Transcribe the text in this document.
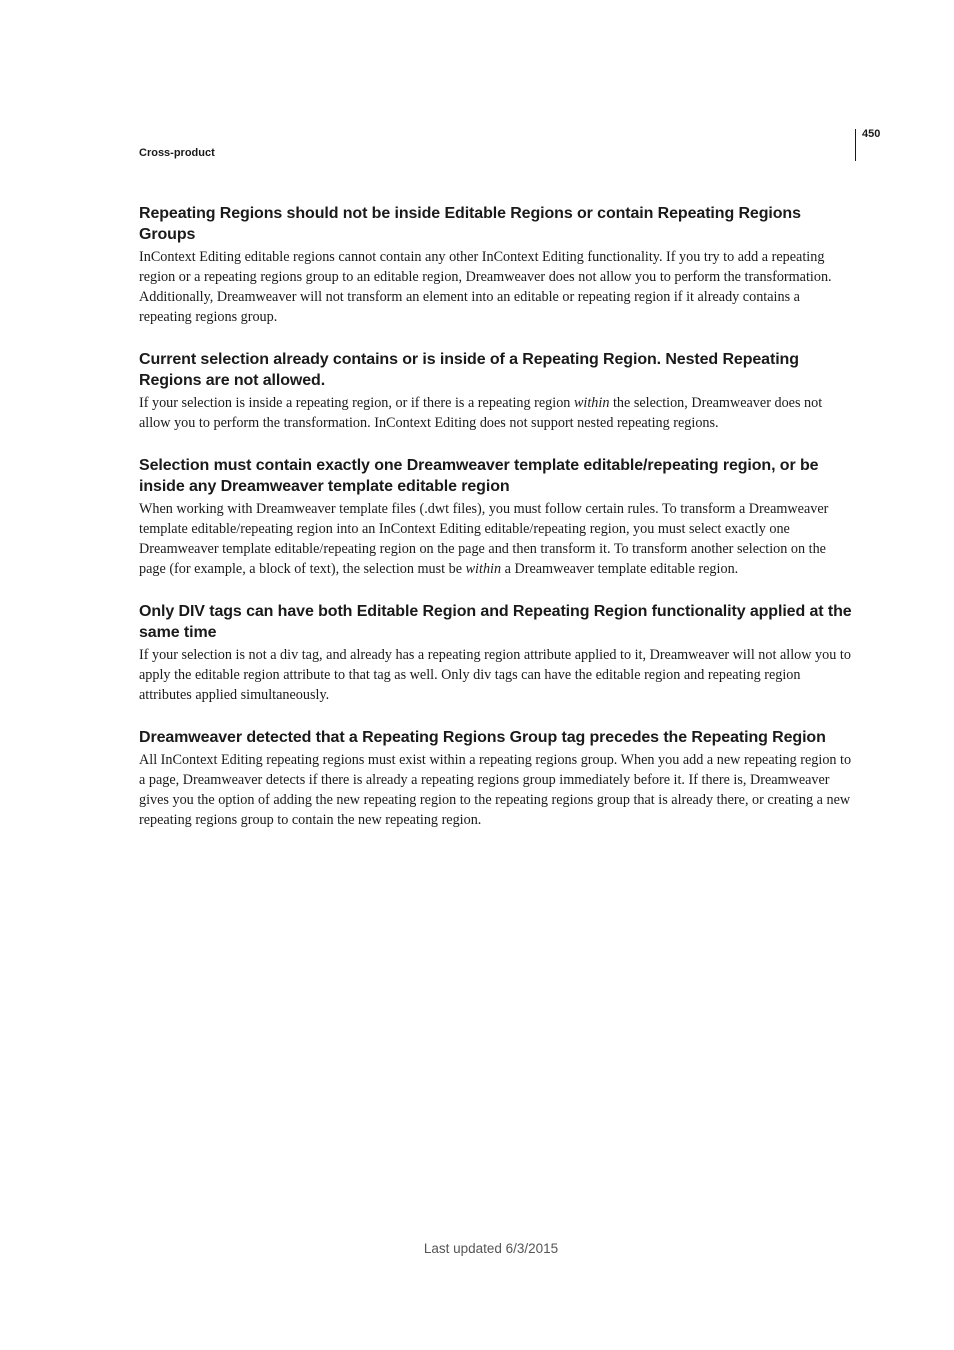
450
Cross-product
Repeating Regions should not be inside Editable Regions or contain Repeating Regions Groups

InContext Editing editable regions cannot contain any other InContext Editing functionality. If you try to add a repeating region or a repeating regions group to an editable region, Dreamweaver does not allow you to perform the transformation. Additionally, Dreamweaver will not transform an element into an editable or repeating region if it already contains a repeating regions group.

Current selection already contains or is inside of a Repeating Region. Nested Repeating Regions are not allowed.

If your selection is inside a repeating region, or if there is a repeating region within the selection, Dreamweaver does not allow you to perform the transformation. InContext Editing does not support nested repeating regions.

Selection must contain exactly one Dreamweaver template editable/repeating region, or be inside any Dreamweaver template editable region

When working with Dreamweaver template files (.dwt files), you must follow certain rules. To transform a Dreamweaver template editable/repeating region into an InContext Editing editable/repeating region, you must select exactly one Dreamweaver template editable/repeating region on the page and then transform it. To transform another selection on the page (for example, a block of text), the selection must be within a Dreamweaver template editable region.

Only DIV tags can have both Editable Region and Repeating Region functionality applied at the same time

If your selection is not a div tag, and already has a repeating region attribute applied to it, Dreamweaver will not allow you to apply the editable region attribute to that tag as well. Only div tags can have the editable region and repeating region attributes applied simultaneously.

Dreamweaver detected that a Repeating Regions Group tag precedes the Repeating Region

All InContext Editing repeating regions must exist within a repeating regions group. When you add a new repeating region to a page, Dreamweaver detects if there is already a repeating regions group immediately before it. If there is, Dreamweaver gives you the option of adding the new repeating region to the repeating regions group that is already there, or creating a new repeating regions group to contain the new repeating region.

Last updated 6/3/2015
